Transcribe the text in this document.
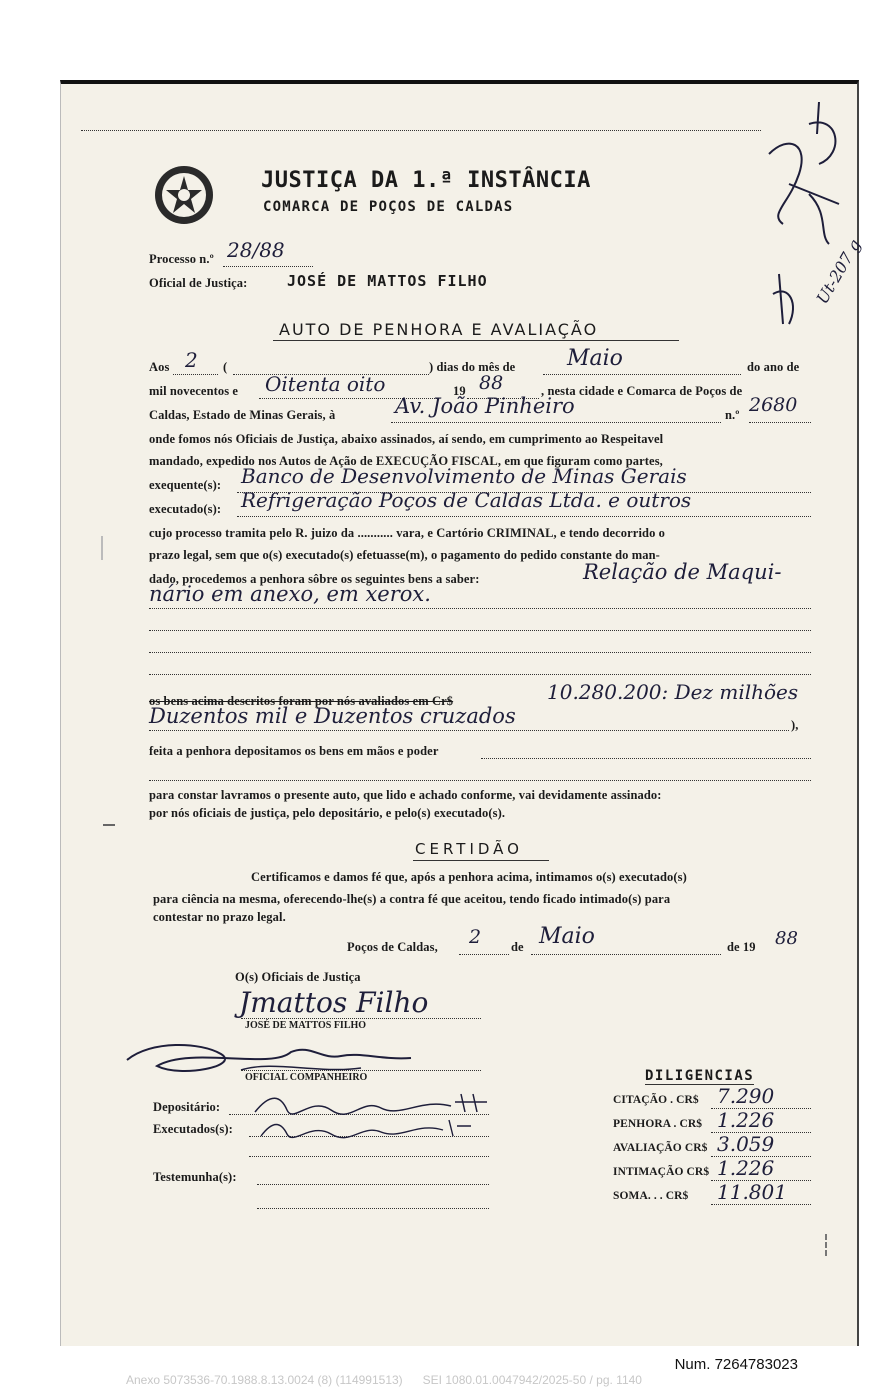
JUSTIÇA DA 1.ª INSTÂNCIA
COMARCA DE POÇOS DE CALDAS
Processo n.º 28/88
Oficial de Justiça:	JOSÉ DE MATTOS FILHO
AUTO DE PENHORA E AVALIAÇÃO
Aos 2 (	) dias do mês de Maio	do ano de
mil novecentos e Oitenta oito	19 88	, nesta cidade e Comarca de Poços de
Caldas, Estado de Minas Gerais, à	Av. João Pinheiro	n.º 2680
onde fomos nós Oficiais de Justiça, abaixo assinados, aí sendo, em cumprimento ao Respeitavel
mandado, expedido nos Autos de Ação de EXECUÇÃO FISCAL, em que figuram como partes,
exequente(s): Banco de Desenvolvimento de Minas Gerais
executado(s): Refrigeração Poços de Caldas Ltda. e outros
cujo processo tramita pelo R. juizo da ........... vara, e Cartório CRIMINAL, e tendo decorrido o
prazo legal, sem que o(s) executado(s) efetuasse(m), o pagamento do pedido constante do man-
dado, procedemos a penhora sôbre os seguintes bens a saber:	Relação de Maqui-
nário em anexo, em xerox.
os bens acima descritos foram por nós avaliados em Cr$	10.280.200: Dez milhões
Duzentos mil e Duzentos cruzados	),
feita a penhora depositamos os bens em mãos e poder
para constar lavramos o presente auto, que lido e achado conforme, vai devidamente assinado:
por nós oficiais de justiça, pelo depositário, e pelo(s) executado(s).
CERTIDÃO
Certificamos e damos fé que, após a penhora acima, intimamos o(s) executado(s)
para ciência na mesma, oferecendo-lhe(s) a contra fé que aceitou, tendo ficado intimado(s) para
contestar no prazo legal.
Poços de Caldas, 2 de Maio	de 19 88
O(s) Oficiais de Justiça
Jmattos Filho
JOSÉ DE MATTOS FILHO
OFICIAL COMPANHEIRO
Depositário:
Executados(s):
Testemunha(s):
DILIGENCIAS
CITAÇÃO . CR$ 7.290
PENHORA . CR$ 1.226
AVALIAÇÃO CR$ 3.059
INTIMAÇÃO CR$ 1.226
SOMA. . . CR$ 11.801
Ut-207 g
Num. 7264783023
Anexo 5073536-70.1988.8.13.0024 (8) (114991513)      SEI 1080.01.0047942/2025-50 / pg. 1140
